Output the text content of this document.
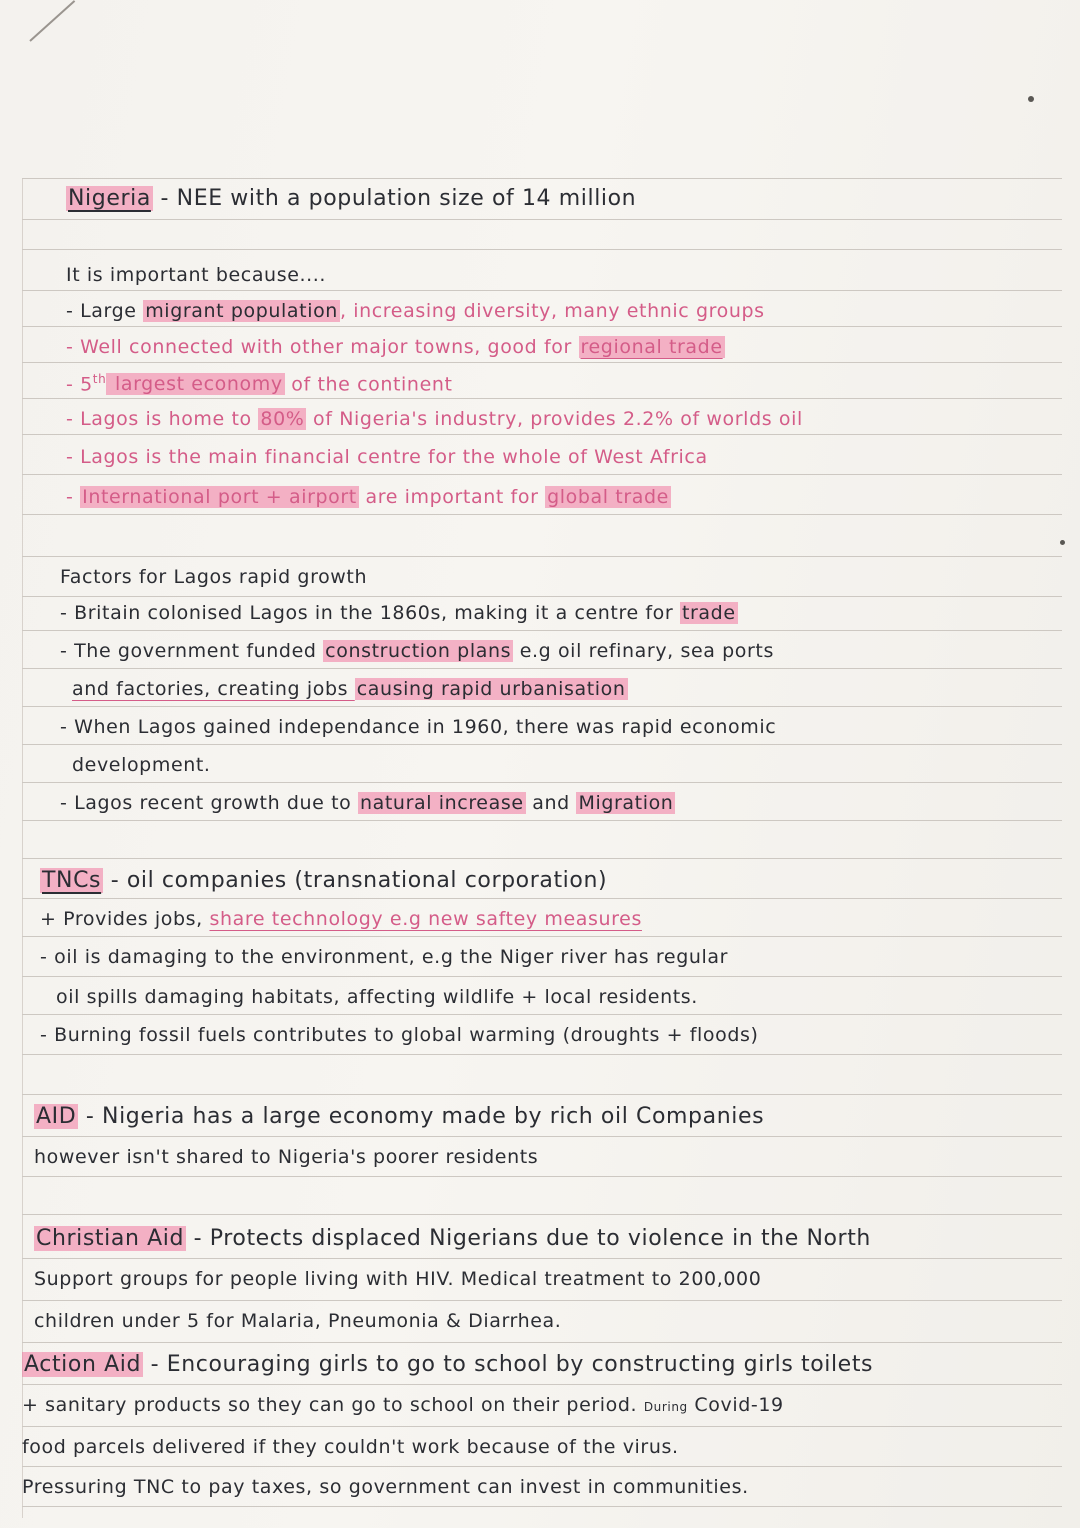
Nigeria - NEE with a population size of 14 million
It is important because....
- Large migrant population , increasing diversity, many ethnic groups
- Well connected with other major towns, good for regional trade
- 5th largest economy of the continent
- Lagos is home to 80% of Nigeria's industry, provides 2.2% of worlds oil
- Lagos is the main financial centre for the whole of West Africa
- International port + airport are important for global trade
Factors for Lagos rapid growth
- Britain colonised Lagos in the 1860s, making it a centre for trade
- The government funded construction plans e.g oil refinary, sea ports
and factories, creating jobs causing rapid urbanisation
- When Lagos gained independance in 1960, there was rapid economic
development.
- Lagos recent growth due to natural increase and Migration
TNCs - oil companies (transnational corporation)
+ Provides jobs, share technology e.g new saftey measures
- oil is damaging to the environment, e.g the Niger river has regular
oil spills damaging habitats, affecting wildlife + local residents.
- Burning fossil fuels contributes to global warming (droughts + floods)
AID - Nigeria has a large economy made by rich oil Companies
however isn't shared to Nigeria's poorer residents
Christian Aid - Protects displaced Nigerians due to violence in the North
Support groups for people living with HIV. Medical treatment to 200,000
children under 5 for Malaria, Pneumonia & Diarrhea.
Action Aid - Encouraging girls to go to school by constructing girls toilets
+ sanitary products so they can go to school on their period. During Covid-19
food parcels delivered if they couldn't work because of the virus.
Pressuring TNC to pay taxes, so government can invest in communities.
